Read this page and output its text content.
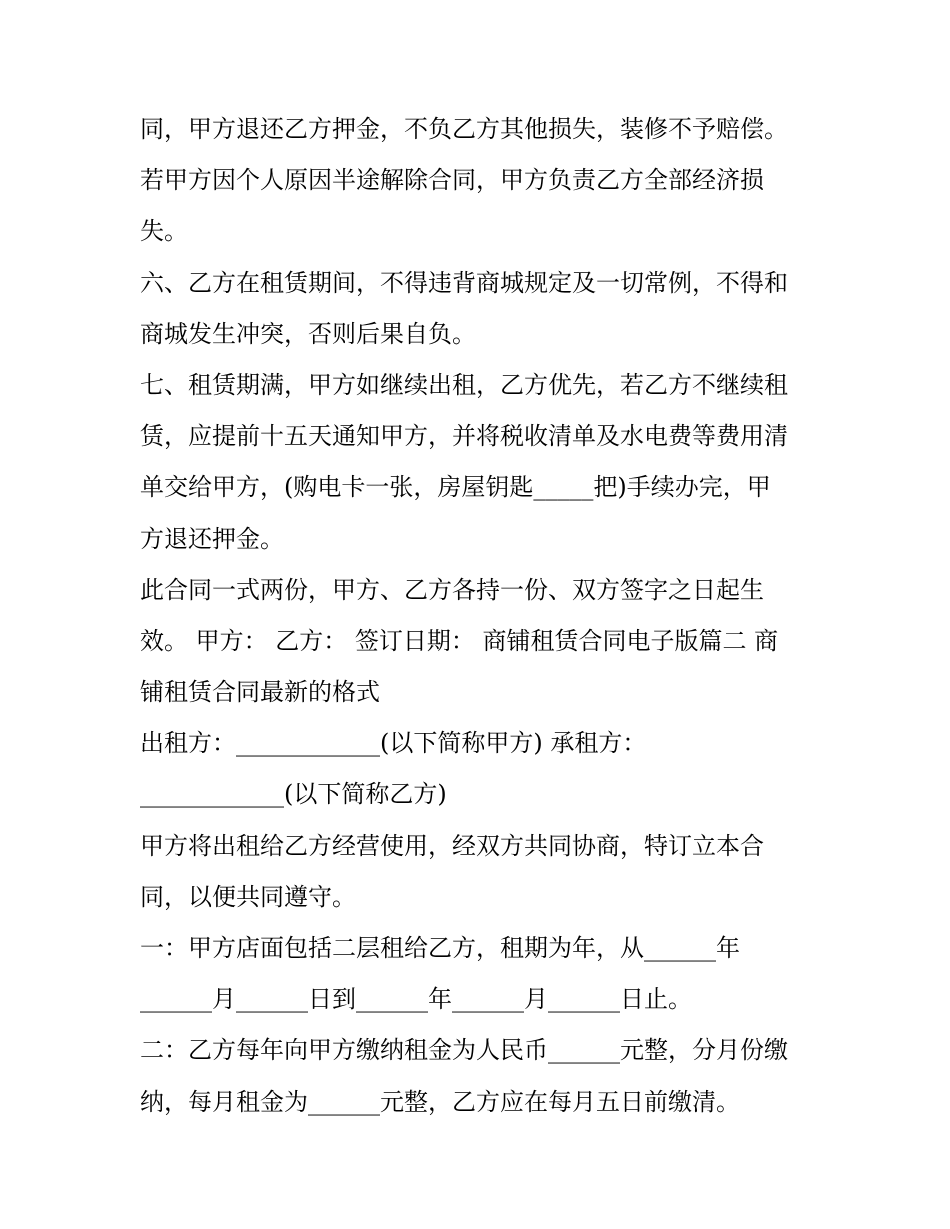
同，甲方退还乙方押金，不负乙方其他损失，装修不予赔偿。
若甲方因个人原因半途解除合同，甲方负责乙方全部经济损
失。
六、乙方在租赁期间，不得违背商城规定及一切常例，不得和
商城发生冲突，否则后果自负。
七、租赁期满，甲方如继续出租，乙方优先，若乙方不继续租
赁，应提前十五天通知甲方，并将税收清单及水电费等费用清
单交给甲方，(购电卡一张，房屋钥匙_____把)手续办完，甲
方退还押金。
此合同一式两份，甲方、乙方各持一份、双方签字之日起生
效。 甲方： 乙方： 签订日期： 商铺租赁合同电子版篇二 商
铺租赁合同最新的格式
出租方：____________(以下简称甲方) 承租方：
____________(以下简称乙方)
甲方将出租给乙方经营使用，经双方共同协商，特订立本合
同，以便共同遵守。
一：甲方店面包括二层租给乙方，租期为年，从______年
______月______日到______年______月______日止。
二：乙方每年向甲方缴纳租金为人民币______元整，分月份缴
纳，每月租金为______元整，乙方应在每月五日前缴清。
